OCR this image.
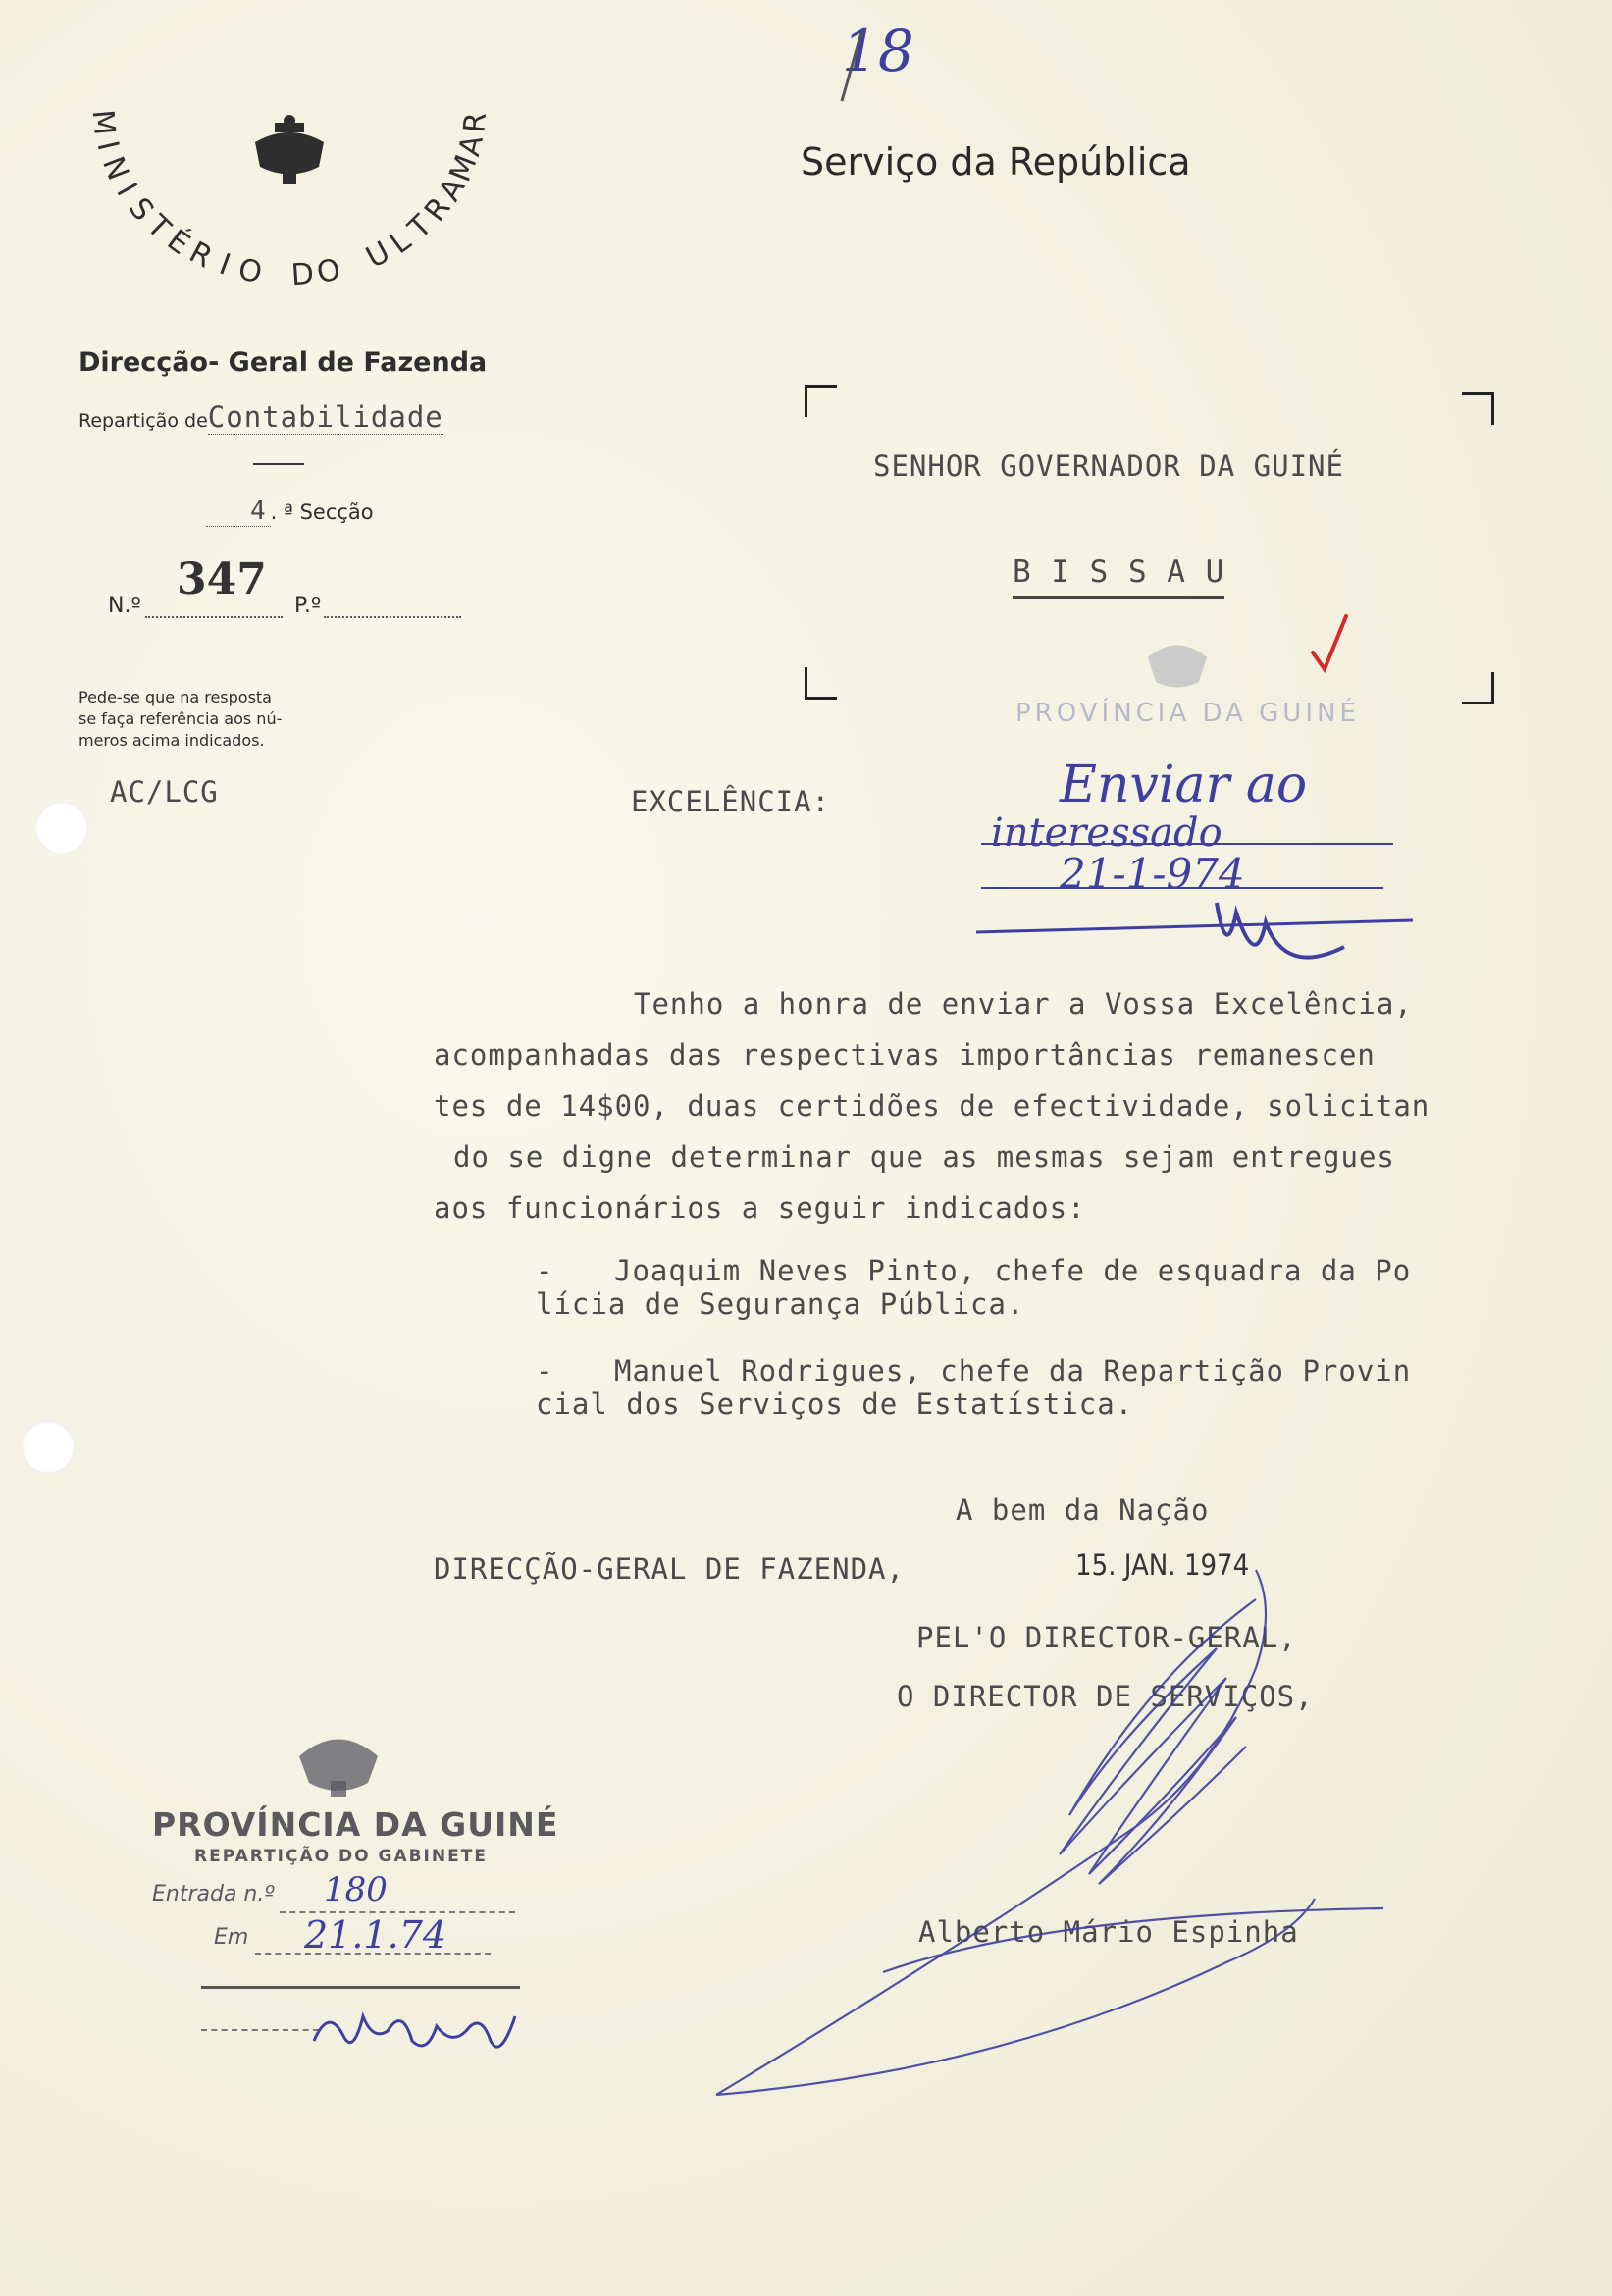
18
M
I
N
I
S
T
É
R
I O D
O U
L
T
R
A
M
A
R
Direcção- Geral de Fazenda
Repartição deContabilidade
4 . ª Secção
N.º
347
P.º
Pede-se que na resposta
se faça referência aos nú-
meros acima indicados.
AC/LCG
Serviço da República
SENHOR GOVERNADOR DA GUINÉ
B I S S A U
PROVÍNCIA DA GUINÉ
EXCELÊNCIA:	Enviar ao
interessado
21-1-974
Tenho a honra de enviar a Vossa Excelência,
acompanhadas das respectivas importâncias remanescen
tes de 14$00, duas certidões de efectividade, solicitan
do se digne determinar que as mesmas sejam entregues
aos funcionários a seguir indicados:
- Joaquim Neves Pinto, chefe de esquadra da Po
lícia de Segurança Pública.
- Manuel Rodrigues, chefe da Repartição Provin
cial dos Serviços de Estatística.
A bem da Nação
DIRECÇÃO-GERAL DE FAZENDA,	15. JAN. 1974
PEL'O DIRECTOR-GERAL,
O DIRECTOR DE SERVIÇOS,
Alberto Mário Espinha
PROVÍNCIA DA GUINÉ
REPARTIÇÃO DO GABINETE
Entrada n.º 180
Em 21.1.74
